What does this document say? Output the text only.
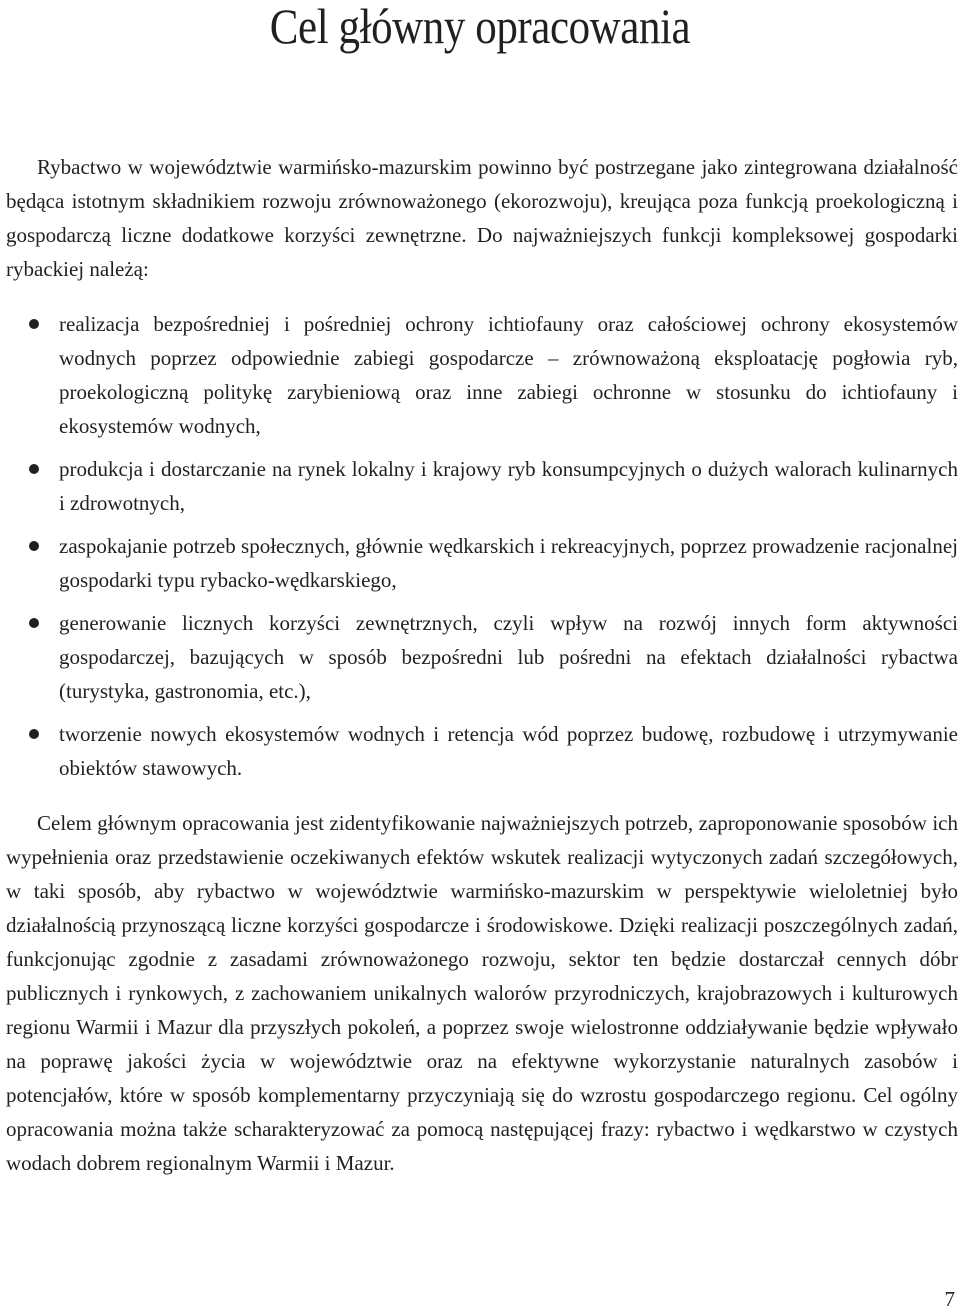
Cel główny opracowania

Rybactwo w województwie warmińsko-mazurskim powinno być postrzegane jako zintegrowana działalność będąca istotnym składnikiem rozwoju zrównoważonego (ekorozwoju), kreująca poza funkcją proekologiczną i gospodarczą liczne dodatkowe korzyści zewnętrzne. Do najważniejszych funkcji kompleksowej gospodarki rybackiej należą:

realizacja bezpośredniej i pośredniej ochrony ichtiofauny oraz całościowej ochrony ekosystemów wodnych poprzez odpowiednie zabiegi gospodarcze – zrównoważoną eksploatację pogłowia ryb, proekologiczną politykę zarybieniową oraz inne zabiegi ochronne w stosunku do ichtiofauny i ekosystemów wodnych,
produkcja i dostarczanie na rynek lokalny i krajowy ryb konsumpcyjnych o dużych walorach kulinarnych i zdrowotnych,
zaspokajanie potrzeb społecznych, głównie wędkarskich i rekreacyjnych, poprzez prowadzenie racjonalnej gospodarki typu rybacko-wędkarskiego,
generowanie licznych korzyści zewnętrznych, czyli wpływ na rozwój innych form aktywności gospodarczej, bazujących w sposób bezpośredni lub pośredni na efektach działalności rybactwa (turystyka, gastronomia, etc.),
tworzenie nowych ekosystemów wodnych i retencja wód poprzez budowę, rozbudowę i utrzymywanie obiektów stawowych.

Celem głównym opracowania jest zidentyfikowanie najważniejszych potrzeb, zaproponowanie sposobów ich wypełnienia oraz przedstawienie oczekiwanych efektów wskutek realizacji wytyczonych zadań szczegółowych, w taki sposób, aby rybactwo w województwie warmińsko-mazurskim w perspektywie wieloletniej było działalnością przynoszącą liczne korzyści gospodarcze i środowiskowe. Dzięki realizacji poszczególnych zadań, funkcjonując zgodnie z zasadami zrównoważonego rozwoju, sektor ten będzie dostarczał cennych dóbr publicznych i rynkowych, z zachowaniem unikalnych walorów przyrodniczych, krajobrazowych i kulturowych regionu Warmii i Mazur dla przyszłych pokoleń, a poprzez swoje wielostronne oddziaływanie będzie wpływało na poprawę jakości życia w województwie oraz na efektywne wykorzystanie naturalnych zasobów i potencjałów, które w sposób komplementarny przyczyniają się do wzrostu gospodarczego regionu. Cel ogólny opracowania można także scharakteryzować za pomocą następującej frazy: rybactwo i wędkarstwo w czystych wodach dobrem regionalnym Warmii i Mazur.

7
